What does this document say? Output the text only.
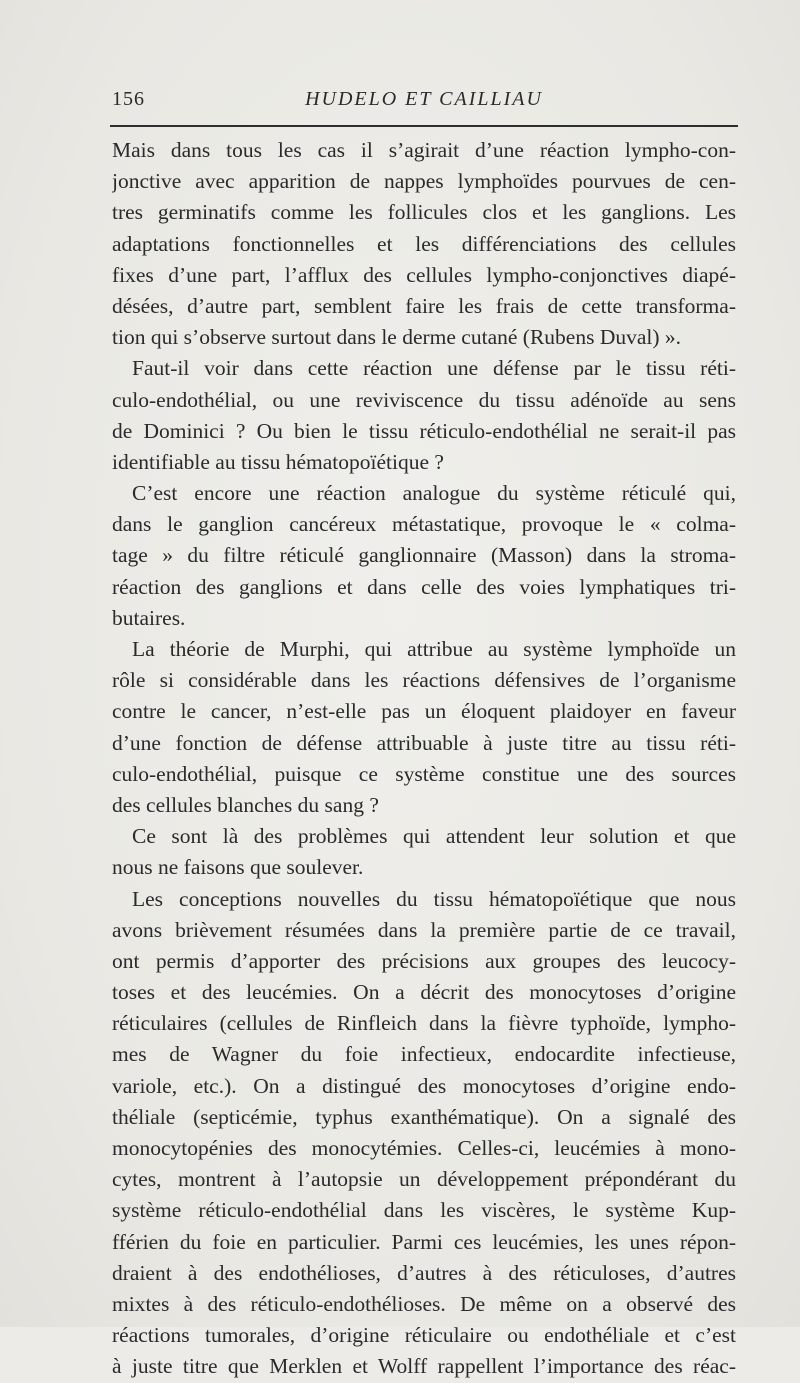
156	HUDELO ET CAILLIAU
Mais dans tous les cas il s’agirait d’une réaction lympho-con-
jonctive avec apparition de nappes lymphoïdes pourvues de cen-
tres germinatifs comme les follicules clos et les ganglions. Les
adaptations fonctionnelles et les différenciations des cellules
fixes d’une part, l’afflux des cellules lympho-conjonctives diapé-
désées, d’autre part, semblent faire les frais de cette transforma-
tion qui s’observe surtout dans le derme cutané (Rubens Duval) ».
Faut-il voir dans cette réaction une défense par le tissu réti-
culo-endothélial, ou une reviviscence du tissu adénoïde au sens
de Dominici ? Ou bien le tissu réticulo-endothélial ne serait-il pas
identifiable au tissu hématopoïétique ?
C’est encore une réaction analogue du système réticulé qui,
dans le ganglion cancéreux métastatique, provoque le « colma-
tage » du filtre réticulé ganglionnaire (Masson) dans la stroma-
réaction des ganglions et dans celle des voies lymphatiques tri-
butaires.
La théorie de Murphi, qui attribue au système lymphoïde un
rôle si considérable dans les réactions défensives de l’organisme
contre le cancer, n’est-elle pas un éloquent plaidoyer en faveur
d’une fonction de défense attribuable à juste titre au tissu réti-
culo-endothélial, puisque ce système constitue une des sources
des cellules blanches du sang ?
Ce sont là des problèmes qui attendent leur solution et que
nous ne faisons que soulever.
Les conceptions nouvelles du tissu hématopoïétique que nous
avons brièvement résumées dans la première partie de ce travail,
ont permis d’apporter des précisions aux groupes des leucocy-
toses et des leucémies. On a décrit des monocytoses d’origine
réticulaires (cellules de Rinfleich dans la fièvre typhoïde, lympho-
mes de Wagner du foie infectieux, endocardite infectieuse,
variole, etc.). On a distingué des monocytoses d’origine endo-
théliale (septicémie, typhus exanthématique). On a signalé des
monocytopénies des monocytémies. Celles-ci, leucémies à mono-
cytes, montrent à l’autopsie un développement prépondérant du
système réticulo-endothélial dans les viscères, le système Kup-
fférien du foie en particulier. Parmi ces leucémies, les unes répon-
draient à des endothélioses, d’autres à des réticuloses, d’autres
mixtes à des réticulo-endothélioses. De même on a observé des
réactions tumorales, d’origine réticulaire ou endothéliale et c’est
à juste titre que Merklen et Wolff rappellent l’importance des réac-
